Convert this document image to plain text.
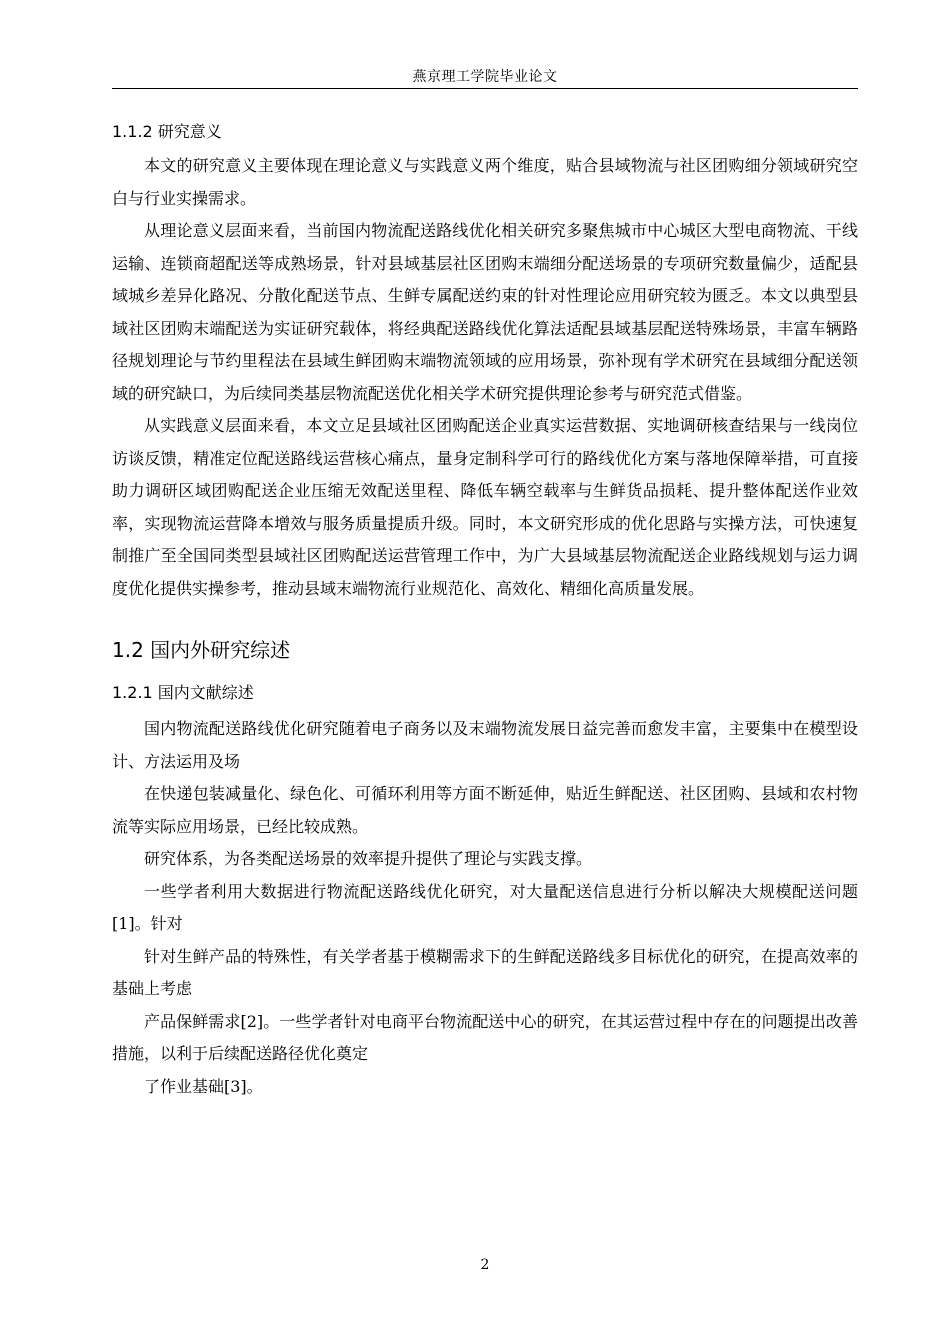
燕京理工学院毕业论文
1.1.2 研究意义

本文的研究意义主要体现在理论意义与实践意义两个维度，贴合县域物流与社区团购细分领域研究空白与行业实操需求。

从理论意义层面来看，当前国内物流配送路线优化相关研究多聚焦城市中心城区大型电商物流、干线运输、连锁商超配送等成熟场景，针对县域基层社区团购末端细分配送场景的专项研究数量偏少，适配县域城乡差异化路况、分散化配送节点、生鲜专属配送约束的针对性理论应用研究较为匮乏。本文以典型县域社区团购末端配送为实证研究载体，将经典配送路线优化算法适配县域基层配送特殊场景，丰富车辆路径规划理论与节约里程法在县域生鲜团购末端物流领域的应用场景，弥补现有学术研究在县域细分配送领域的研究缺口，为后续同类基层物流配送优化相关学术研究提供理论参考与研究范式借鉴。

从实践意义层面来看，本文立足县域社区团购配送企业真实运营数据、实地调研核查结果与一线岗位访谈反馈，精准定位配送路线运营核心痛点，量身定制科学可行的路线优化方案与落地保障举措，可直接助力调研区域团购配送企业压缩无效配送里程、降低车辆空载率与生鲜货品损耗、提升整体配送作业效率，实现物流运营降本增效与服务质量提质升级。同时，本文研究形成的优化思路与实操方法，可快速复制推广至全国同类型县域社区团购配送运营管理工作中，为广大县域基层物流配送企业路线规划与运力调度优化提供实操参考，推动县域末端物流行业规范化、高效化、精细化高质量发展。

1.2 国内外研究综述
1.2.1 国内文献综述

国内物流配送路线优化研究随着电子商务以及末端物流发展日益完善而愈发丰富，主要集中在模型设计、方法运用及场

在快递包装减量化、绿色化、可循环利用等方面不断延伸，贴近生鲜配送、社区团购、县域和农村物流等实际应用场景，已经比较成熟。

研究体系，为各类配送场景的效率提升提供了理论与实践支撑。

一些学者利用大数据进行物流配送路线优化研究，对大量配送信息进行分析以解决大规模配送问题[1]。针对

针对生鲜产品的特殊性，有关学者基于模糊需求下的生鲜配送路线多目标优化的研究，在提高效率的基础上考虑

产品保鲜需求[2]。一些学者针对电商平台物流配送中心的研究，在其运营过程中存在的问题提出改善措施，以利于后续配送路径优化奠定

了作业基础[3]。

2
